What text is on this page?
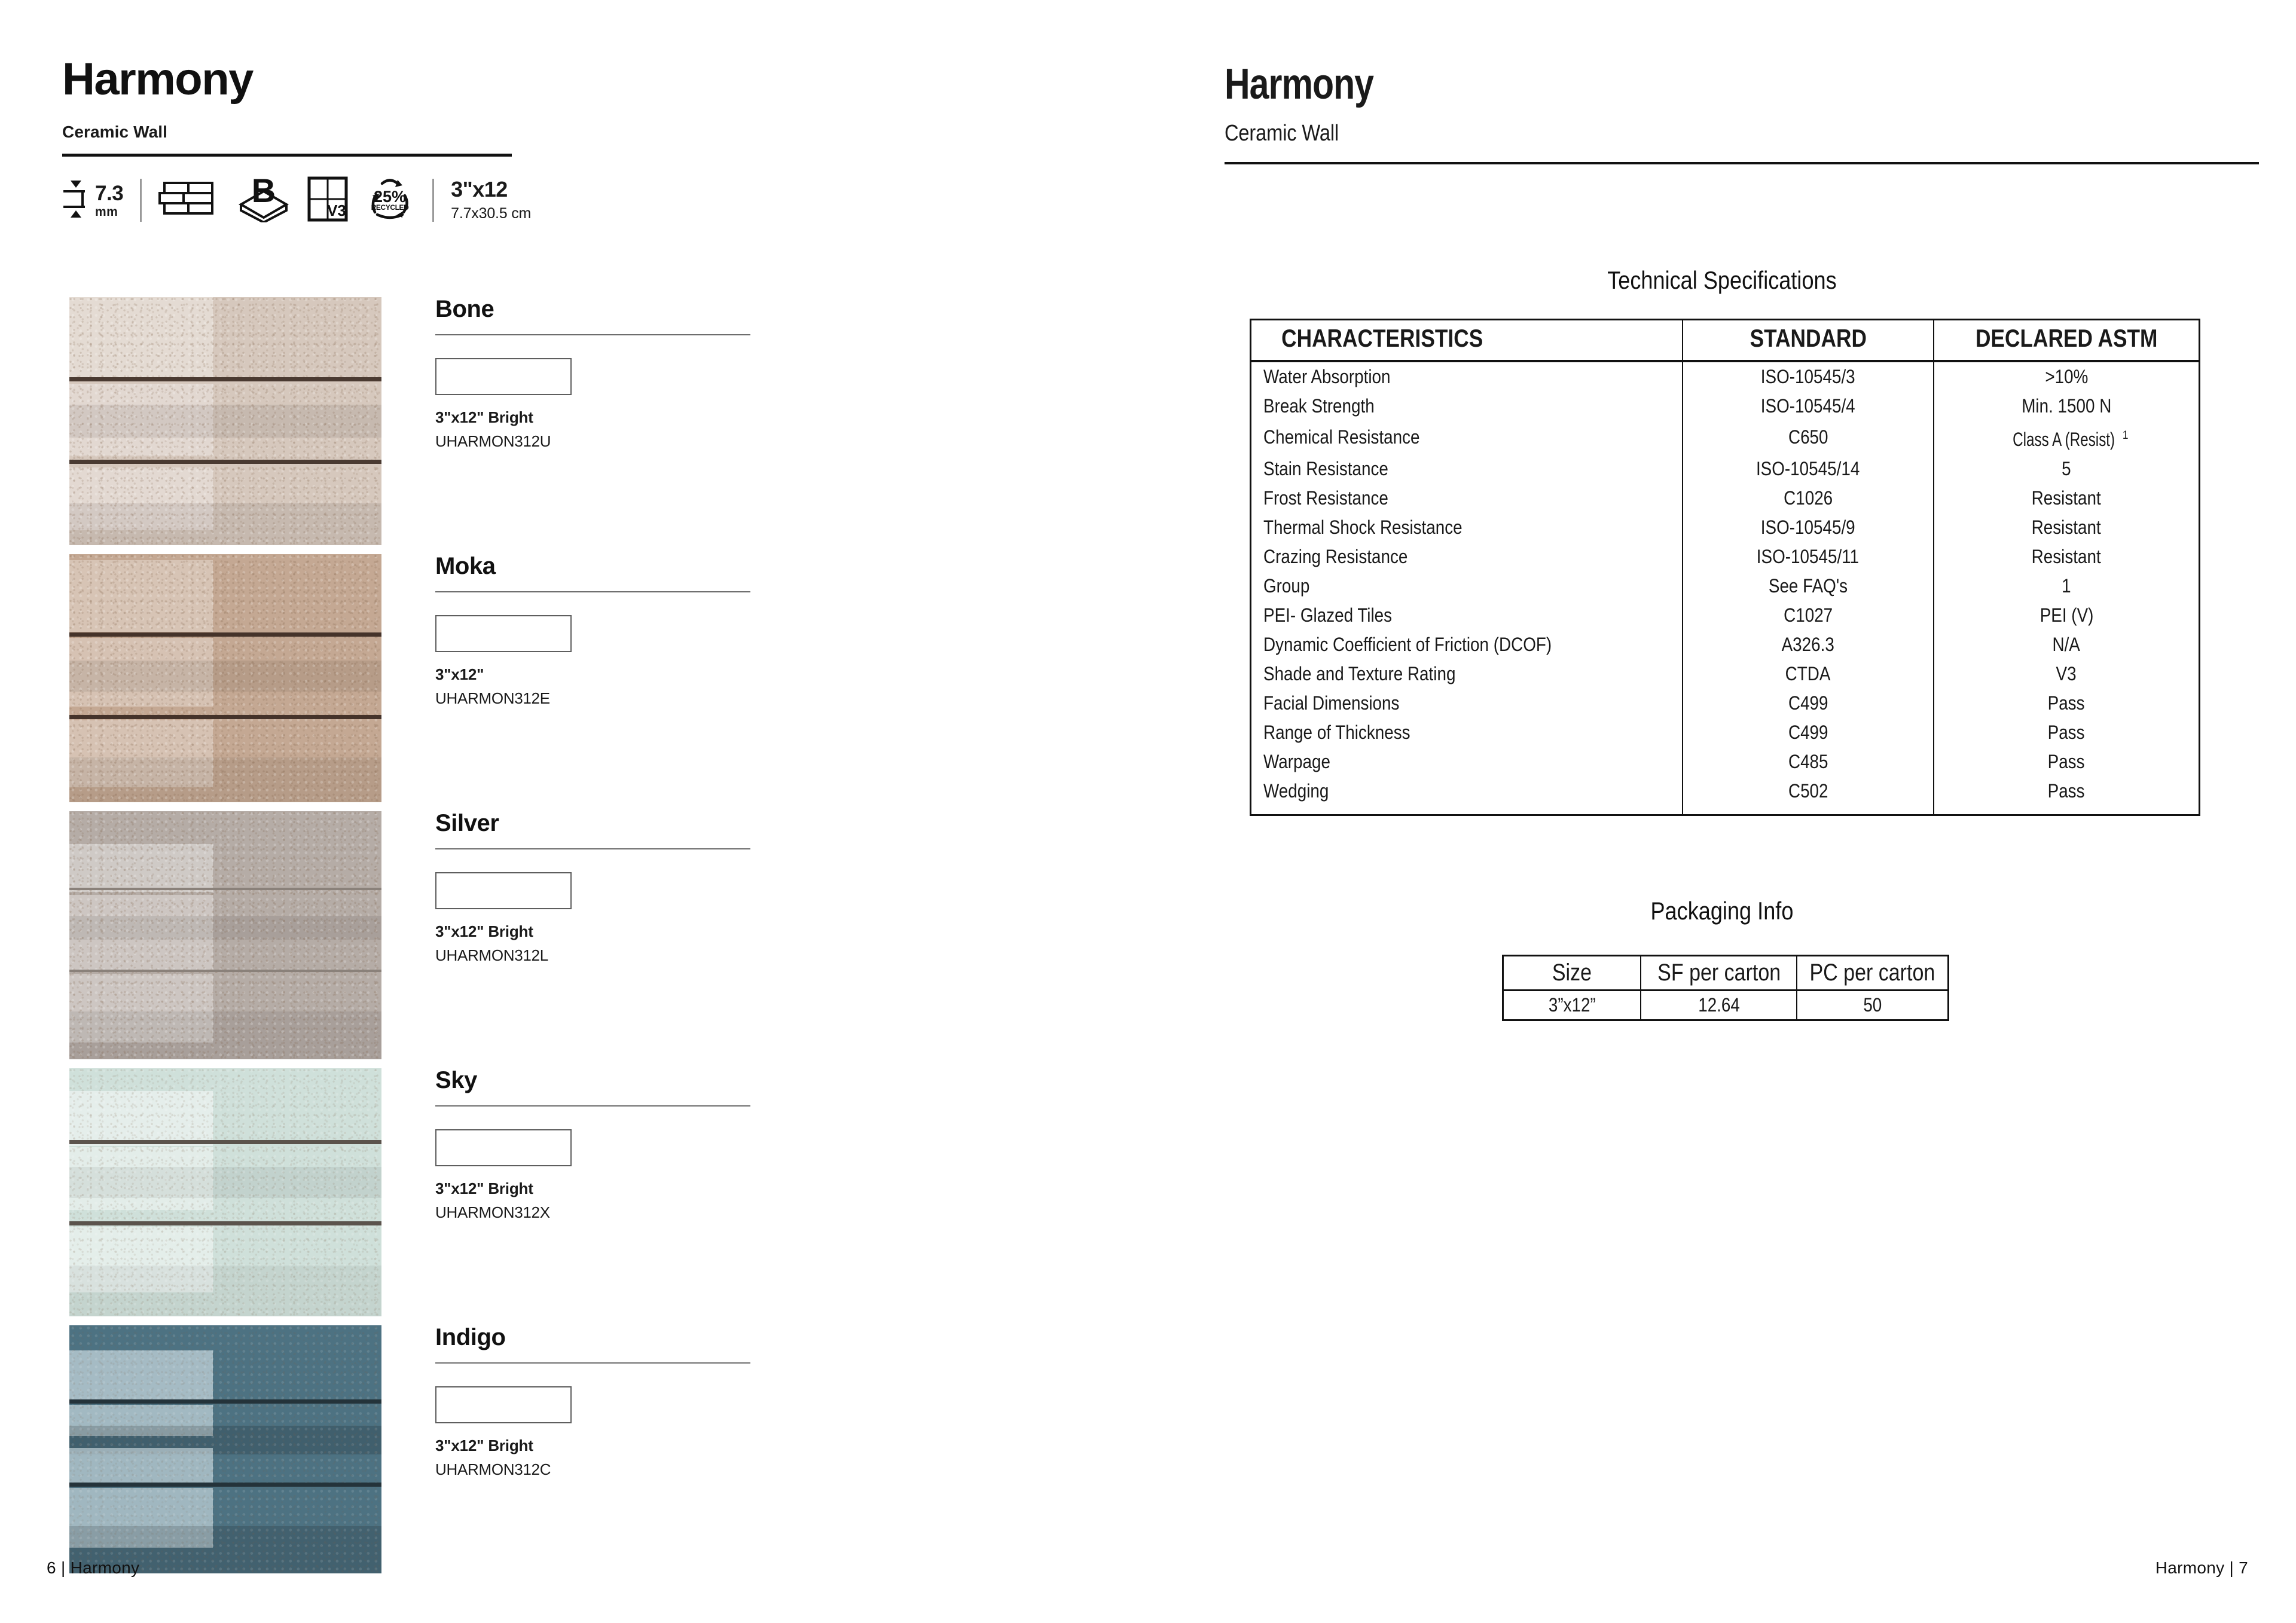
Harmony
Ceramic Wall
7.3
mm
B
V3
25%
RECYCLED
3"x12
7.7x30.5 cm
Bone
3"x12" Bright
UHARMON312U
Moka
3"x12"
UHARMON312E
Silver
3"x12" Bright
UHARMON312L
Sky
3"x12" Bright
UHARMON312X
Indigo
3"x12" Bright
UHARMON312C
6 | Harmony
Harmony
Ceramic Wall
Technical Specifications
CHARACTERISTICS	STANDARD	DECLARED ASTM
Water Absorption	ISO-10545/3	>10%
Break Strength	ISO-10545/4	Min. 1500 N
Chemical Resistance	C650	Class A (Resist) $^1$
Stain Resistance	ISO-10545/14	5
Frost Resistance	C1026	Resistant
Thermal Shock Resistance	ISO-10545/9	Resistant
Crazing Resistance	ISO-10545/11	Resistant
Group	See FAQ's	1
PEI- Glazed Tiles	C1027	PEI (V)
Dynamic Coefficient of Friction (DCOF)	A326.3	N/A
Shade and Texture Rating	CTDA	V3
Facial Dimensions	C499	Pass
Range of Thickness	C499	Pass
Warpage	C485	Pass
Wedging	C502	Pass
Packaging Info
Size	SF per carton	PC per carton
3”x12”	12.64	50
Harmony | 7
